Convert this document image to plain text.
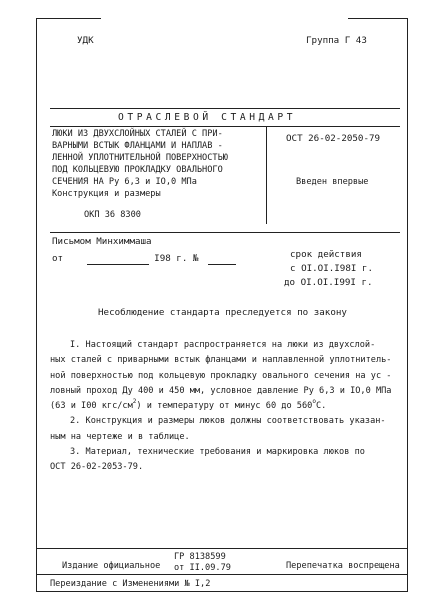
УДК	Группа Г 43
ОТРАСЛЕВОЙ СТАНДАРТ
ЛЮКИ ИЗ ДВУХСЛОЙНЫХ СТАЛЕЙ С ПРИ-
ВАРНЫМИ ВСТЫК ФЛАНЦАМИ И НАПЛАВ -
ЛЕННОЙ УПЛОТНИТЕЛЬНОЙ ПОВЕРХНОСТЬЮ
ПОД КОЛЬЦЕВУЮ ПРОКЛАДКУ ОВАЛЬНОГО
СЕЧЕНИЯ НА Ру 6,3 и IO,0 МПа
Конструкция и размеры
ОКП 36 8300
ОСТ 26-02-2050-79
Введен впервые
Письмом Минхиммаша
от	I98 г. №	срок действия
с OI.OI.I98I г.
до OI.OI.I99I г.
Несоблюдение стандарта преследуется по закону
I. Настоящий стандарт распространяется на люки из двухслой-
ных сталей с приварными встык фланцами и наплавленной уплотнитель-
ной поверхностью под кольцевую прокладку овального сечения на ус -
ловный проход Ду 400 и 450 мм, условное давление Ру 6,3 и IO,0 МПа
(63 и I00 кгс/$см^2$) и температуру от минус 60 до 560$^o$C.
2. Конструкция и размеры люков должны соответствовать указан-
ным на чертеже и в таблице.
3. Материал, технические требования и маркировка люков по
ОСТ 26-02-2053-79.
Издание официальное
ГР 8138599
от II.09.79	Перепечатка воспрещена
Переиздание с Изменениями № I,2
